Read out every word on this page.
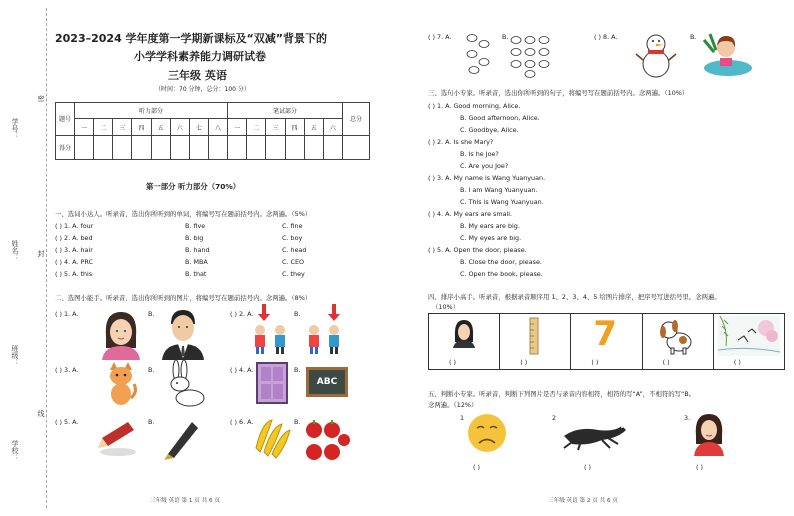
密
封
线
学号：
姓名：
班级：
学校：
2023–2024 学年度第一学期新课标及“双减”背景下的
小学学科素养能力调研试卷
三年级 英语
（时间：70 分钟，总分：100 分）
题号	听力部分								笔试部分						总分
	一	二	三	四	五	六	七	八	一	二	三	四	五	六	
得分															
第一部分 听力部分（70%）
一、选词小达人。听录音，选出你所听到的单词，将编号写在题前括号内。念两遍。（5%）
( ) 1. A. four	B. five	C. fine
( ) 2. A. bed	B. big	C. boy
( ) 3. A. hair	B. hand	C. head
( ) 4. A. PRC	B. MBA	C. CEO
( ) 5. A. this	B. that	C. they
二、选图小能手。听录音，选出你所听到的图片，将编号写在题前括号内。念两遍。（8%）
( ) 1. A.	B.	( ) 2. A.	B.
( ) 3. A.	B.	( ) 4. A.	B.
ABC
( ) 5. A.	B.	( ) 6. A.	B.
三年级 英语 第 1 页 共 6 页
( ) 7. A.	B.	( ) 8. A.	B.
三、选句小专家。听录音，选出你所听到的句子，将编号写在题前括号内。念两遍。（10%）
( ) 1. A. Good morning, Alice.
B. Good afternoon, Alice.
C. Goodbye, Alice.
( ) 2. A. Is she Mary?
B. Is he Joe?
C. Are you Joe?
( ) 3. A. My name is Wang Yuanyuan.
B. I am Wang Yuanyuan.
C. This is Wang Yuanyuan.
( ) 4. A. My ears are small.
B. My ears are big.
C. My eyes are big.
( ) 5. A. Open the door, please.
B. Close the door, please.
C. Open the book, please.
四、排序小高手。听录音，根据录音顺序用 1、2、3、4、5 给图片排序，把序号写进括号里。念两遍。
（10%）
( )	( )
7
( )	( )	( )
五、判断小专家。听录音，判断下列图片是否与录音内容相符，相符的写“A”，不相符的写“B。
念两遍。（12%）
1
( )
2
( )
3.
( )
三年级 英语 第 2 页 共 6 页
